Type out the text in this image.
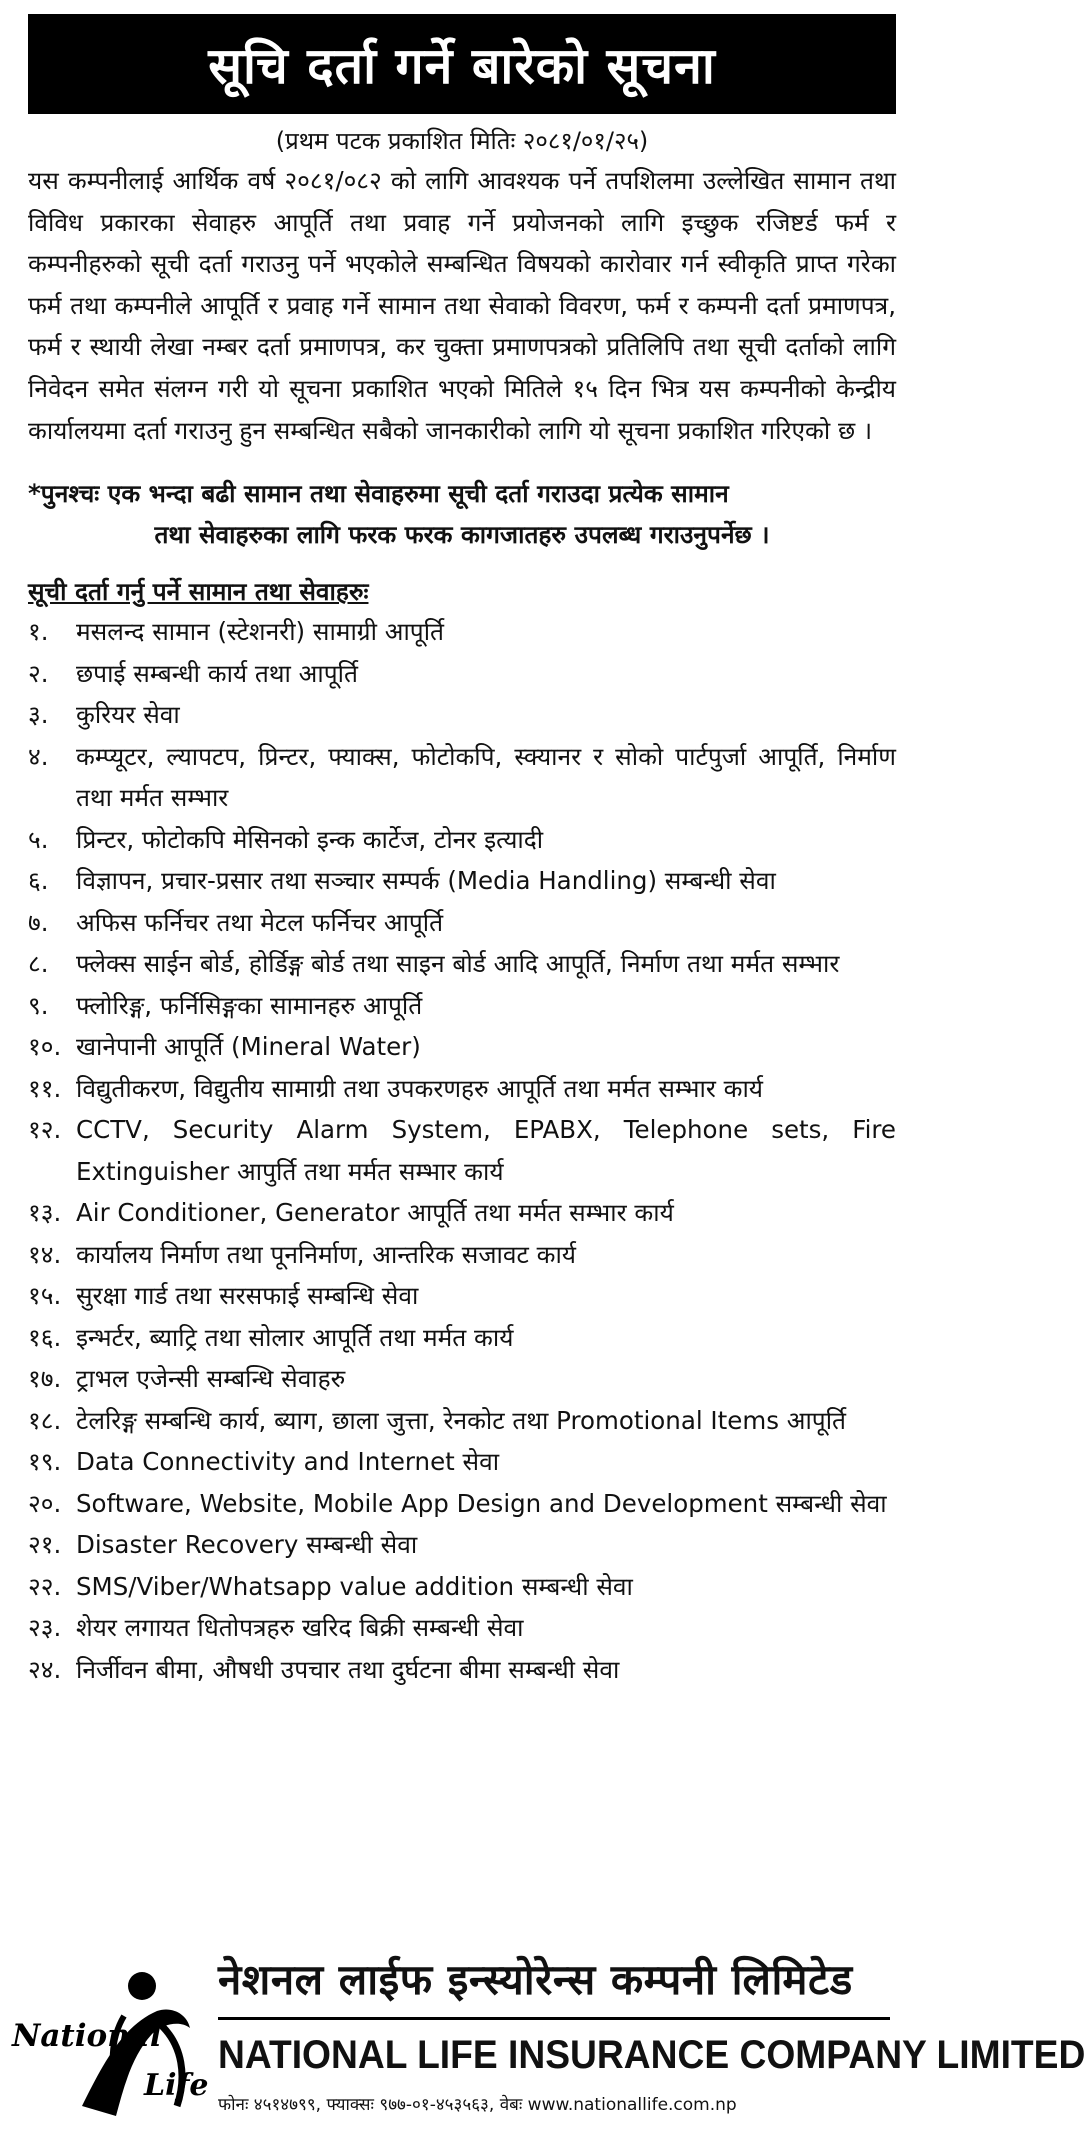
सूचि दर्ता गर्ने बारेको सूचना
(प्रथम पटक प्रकाशित मितिः २०८१/०१/२५)

यस कम्पनीलाई आर्थिक वर्ष २०८१/०८२ को लागि आवश्यक पर्ने तपशिलमा उल्लेखित सामान तथा विविध प्रकारका सेवाहरु आपूर्ति तथा प्रवाह गर्ने प्रयोजनको लागि इच्छुक रजिष्टर्ड फर्म र कम्पनीहरुको सूची दर्ता गराउनु पर्ने भएकोले सम्बन्धित विषयको कारोवार गर्न स्वीकृति प्राप्त गरेका फर्म तथा कम्पनीले आपूर्ति र प्रवाह गर्ने सामान तथा सेवाको विवरण, फर्म र कम्पनी दर्ता प्रमाणपत्र, फर्म र स्थायी लेखा नम्बर दर्ता प्रमाणपत्र, कर चुक्ता प्रमाणपत्रको प्रतिलिपि तथा सूची दर्ताको लागि निवेदन समेत संलग्न गरी यो सूचना प्रकाशित भएको मितिले १५ दिन भित्र यस कम्पनीको केन्द्रीय कार्यालयमा दर्ता गराउनु हुन सम्बन्धित सबैको जानकारीको लागि यो सूचना प्रकाशित गरिएको छ ।

*पुनश्चः एक भन्दा बढी सामान तथा सेवाहरुमा सूची दर्ता गराउदा प्रत्येक सामान
तथा सेवाहरुका लागि फरक फरक कागजातहरु उपलब्ध गराउनुपर्नेछ ।
सूची दर्ता गर्नु पर्ने सामान तथा सेवाहरुः
१.	मसलन्द सामान (स्टेशनरी) सामाग्री आपूर्ति
२.	छपाई सम्बन्धी कार्य तथा आपूर्ति
३.	कुरियर सेवा
४.	कम्प्यूटर, ल्यापटप, प्रिन्टर, फ्याक्स, फोटोकपि, स्क्यानर र सोको पार्टपुर्जा आपूर्ति, निर्माण तथा मर्मत सम्भार
५.	प्रिन्टर, फोटोकपि मेसिनको इन्क कार्टेज, टोनर इत्यादी
६.	विज्ञापन, प्रचार-प्रसार तथा सञ्चार सम्पर्क (Media Handling) सम्बन्धी सेवा
७.	अफिस फर्निचर तथा मेटल फर्निचर आपूर्ति
८.	फ्लेक्स साईन बोर्ड, होर्डिङ्ग बोर्ड तथा साइन बोर्ड आदि आपूर्ति, निर्माण तथा मर्मत सम्भार
९.	फ्लोरिङ्ग, फर्निसिङ्गका सामानहरु आपूर्ति
१०. खानेपानी आपूर्ति (Mineral Water)
११. विद्युतीकरण, विद्युतीय सामाग्री तथा उपकरणहरु आपूर्ति तथा मर्मत सम्भार कार्य
१२. CCTV, Security Alarm System, EPABX, Telephone sets, Fire Extinguisher आपुर्ति तथा मर्मत सम्भार कार्य
१३. Air Conditioner, Generator आपूर्ति तथा मर्मत सम्भार कार्य
१४. कार्यालय निर्माण तथा पूननिर्माण, आन्तरिक सजावट कार्य
१५. सुरक्षा गार्ड तथा सरसफाई सम्बन्धि सेवा
१६. इन्भर्टर, ब्याट्रि तथा सोलार आपूर्ति तथा मर्मत कार्य
१७. ट्राभल एजेन्सी सम्बन्धि सेवाहरु
१८. टेलरिङ्ग सम्बन्धि कार्य, ब्याग, छाला जुत्ता, रेनकोट तथा Promotional Items आपूर्ति
१९. Data Connectivity and Internet सेवा
२०. Software, Website, Mobile App Design and Development सम्बन्धी सेवा
२१. Disaster Recovery सम्बन्धी सेवा
२२. SMS/Viber/Whatsapp value addition सम्बन्धी सेवा
२३. शेयर लगायत धितोपत्रहरु खरिद बिक्री सम्बन्धी सेवा
२४. निर्जीवन बीमा, औषधी उपचार तथा दुर्घटना बीमा सम्बन्धी सेवा
National
Life
नेशनल लाईफ इन्स्योरेन्स कम्पनी लिमिटेड
NATIONAL LIFE INSURANCE COMPANY LIMITED
फोनः ४५१४७९९, फ्याक्सः ९७७-०१-४५३५६३, वेबः www.nationallife.com.np
